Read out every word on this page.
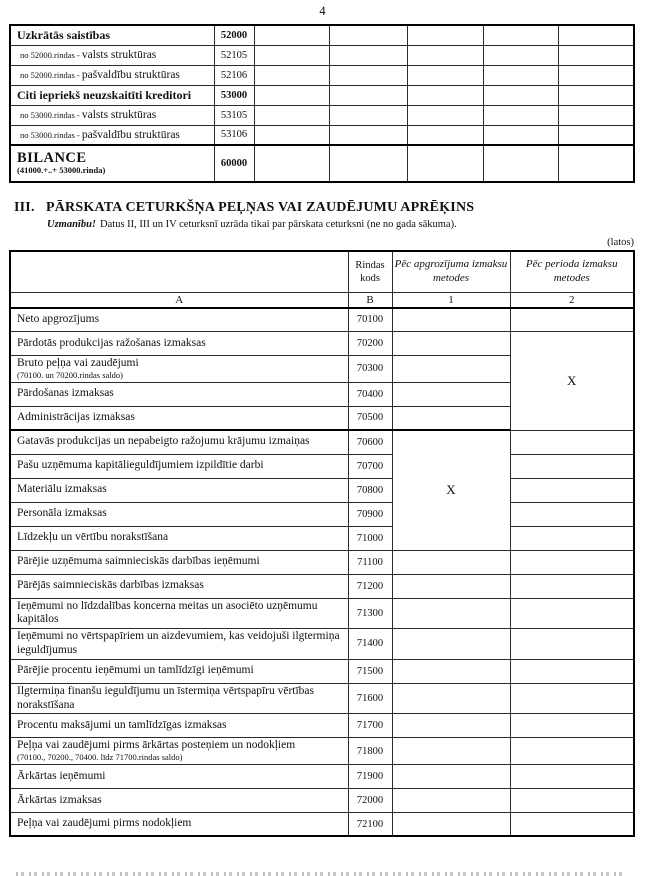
4
Uzkrātās saistības	52000					
no 52000.rindas - valsts struktūras	52105					
no 52000.rindas - pašvaldību struktūras	52106					
Citi iepriekš neuzskaitīti kreditori	53000					
no 53000.rindas - valsts struktūras	53105					
no 53000.rindas - pašvaldību struktūras	53106					

BILANCE
(41000.+..+ 53000.rinda)	60000					
III. PĀRSKATA CETURKŠŅA PEĻŅAS VAI ZAUDĒJUMU APRĒĶINS
Uzmanību! Datus II, III un IV ceturksnī uzrāda tikai par pārskata ceturksni (ne no gada sākuma).
(latos)
	Rindas kods	Pēc apgrozījuma izmaksu metodes	Pēc perioda izmaksu metodes
A	B	1	2
Neto apgrozījums	70100		
Pārdotās produkcijas ražošanas izmaksas	70200		X
Bruto peļņa vai zaudējumi
(70100. un 70200.rindas saldo)	70300		
Pārdošanas izmaksas	70400		
Administrācijas izmaksas	70500		
Gatavās produkcijas un nepabeigto ražojumu krājumu izmaiņas	70600	X	
Pašu uzņēmuma kapitālieguldījumiem izpildītie darbi	70700		
Materiālu izmaksas	70800		
Personāla izmaksas	70900		
Līdzekļu un vērtību norakstīšana	71000		
Pārējie uzņēmuma saimnieciskās darbības ieņēmumi	71100		
Pārējās saimnieciskās darbības izmaksas	71200		
Ieņēmumi no līdzdalības koncerna meitas un asociēto uzņēmumu kapitālos	71300		
Ieņēmumi no vērtspapīriem un aizdevumiem, kas veidojuši ilgtermiņa ieguldījumus	71400		
Pārējie procentu ieņēmumi un tamlīdzīgi ieņēmumi	71500		
Ilgtermiņa finanšu ieguldījumu un īstermiņa vērtspapīru vērtības norakstīšana	71600		
Procentu maksājumi un tamlīdzīgas izmaksas	71700		
Peļņa vai zaudējumi pirms ārkārtas posteņiem un nodokļiem
(70100., 70200., 70400. līdz 71700.rindas saldo)	71800		
Ārkārtas ieņēmumi	71900		
Ārkārtas izmaksas	72000		
Peļņa vai zaudējumi pirms nodokļiem	72100		
